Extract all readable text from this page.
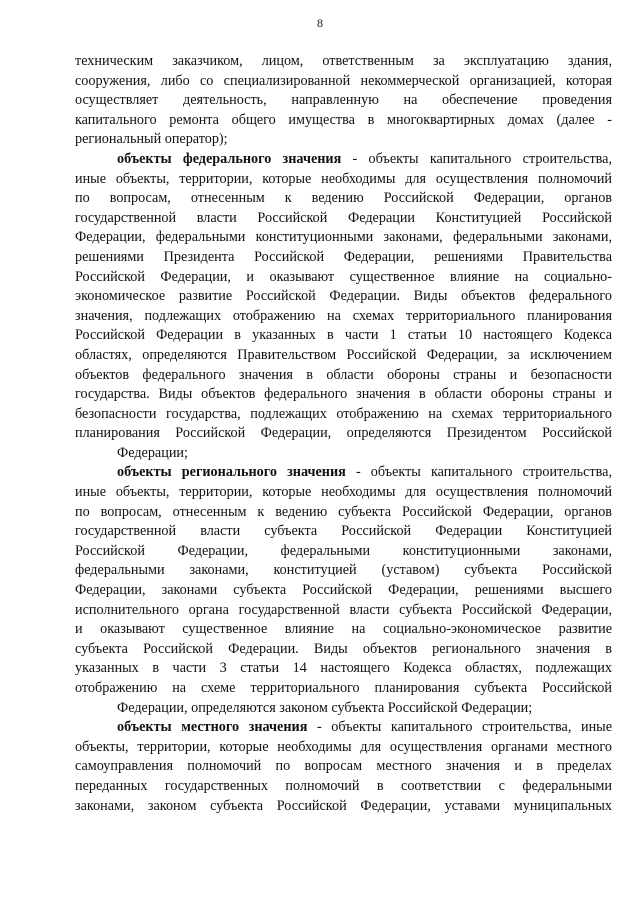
8

техническим заказчиком, лицом, ответственным за эксплуатацию здания,
сооружения, либо со специализированной некоммерческой организацией, которая
осуществляет деятельность, направленную на обеспечение проведения
капитального ремонта общего имущества в многоквартирных домах (далее -
региональный оператор);

объекты федерального значения - объекты капитального строительства,
иные объекты, территории, которые необходимы для осуществления полномочий
по вопросам, отнесенным к ведению Российской Федерации, органов
государственной власти Российской Федерации Конституцией Российской
Федерации, федеральными конституционными законами, федеральными законами,
решениями Президента Российской Федерации, решениями Правительства
Российской Федерации, и оказывают существенное влияние на социально-
экономическое развитие Российской Федерации. Виды объектов федерального
значения, подлежащих отображению на схемах территориального планирования
Российской Федерации в указанных в части 1 статьи 10 настоящего Кодекса
областях, определяются Правительством Российской Федерации, за исключением
объектов федерального значения в области обороны страны и безопасности
государства. Виды объектов федерального значения в области обороны страны и
безопасности государства, подлежащих отображению на схемах территориального
планирования Российской Федерации, определяются Президентом Российской
Федерации;

объекты регионального значения - объекты капитального строительства,
иные объекты, территории, которые необходимы для осуществления полномочий
по вопросам, отнесенным к ведению субъекта Российской Федерации, органов
государственной власти субъекта Российской Федерации Конституцией
Российской Федерации, федеральными конституционными законами,
федеральными законами, конституцией (уставом) субъекта Российской
Федерации, законами субъекта Российской Федерации, решениями высшего
исполнительного органа государственной власти субъекта Российской Федерации,
и оказывают существенное влияние на социально-экономическое развитие
субъекта Российской Федерации. Виды объектов регионального значения в
указанных в части 3 статьи 14 настоящего Кодекса областях, подлежащих
отображению на схеме территориального планирования субъекта Российской
Федерации, определяются законом субъекта Российской Федерации;

объекты местного значения - объекты капитального строительства, иные
объекты, территории, которые необходимы для осуществления органами местного
самоуправления полномочий по вопросам местного значения и в пределах
переданных государственных полномочий в соответствии с федеральными
законами, законом субъекта Российской Федерации, уставами муниципальных
